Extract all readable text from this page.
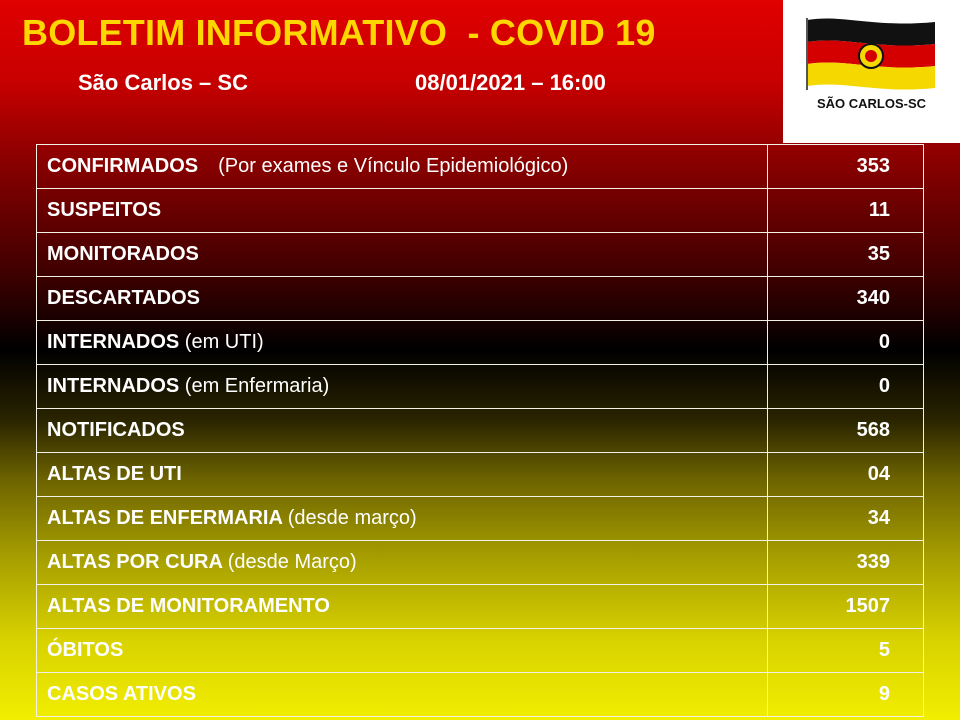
BOLETIM INFORMATIVO  - COVID 19
São Carlos – SC	08/01/2021 – 16:00
SÃO CARLOS-SC
CONFIRMADOS (Por exames e Vínculo Epidemiológico)	353
SUSPEITOS	11
MONITORADOS	35
DESCARTADOS	340
INTERNADOS (em UTI)	0
INTERNADOS (em Enfermaria)	0
NOTIFICADOS	568
ALTAS DE UTI	04
ALTAS DE ENFERMARIA (desde março)	34
ALTAS POR CURA (desde Março)	339
ALTAS DE MONITORAMENTO	1507
ÓBITOS	5
CASOS ATIVOS	9
